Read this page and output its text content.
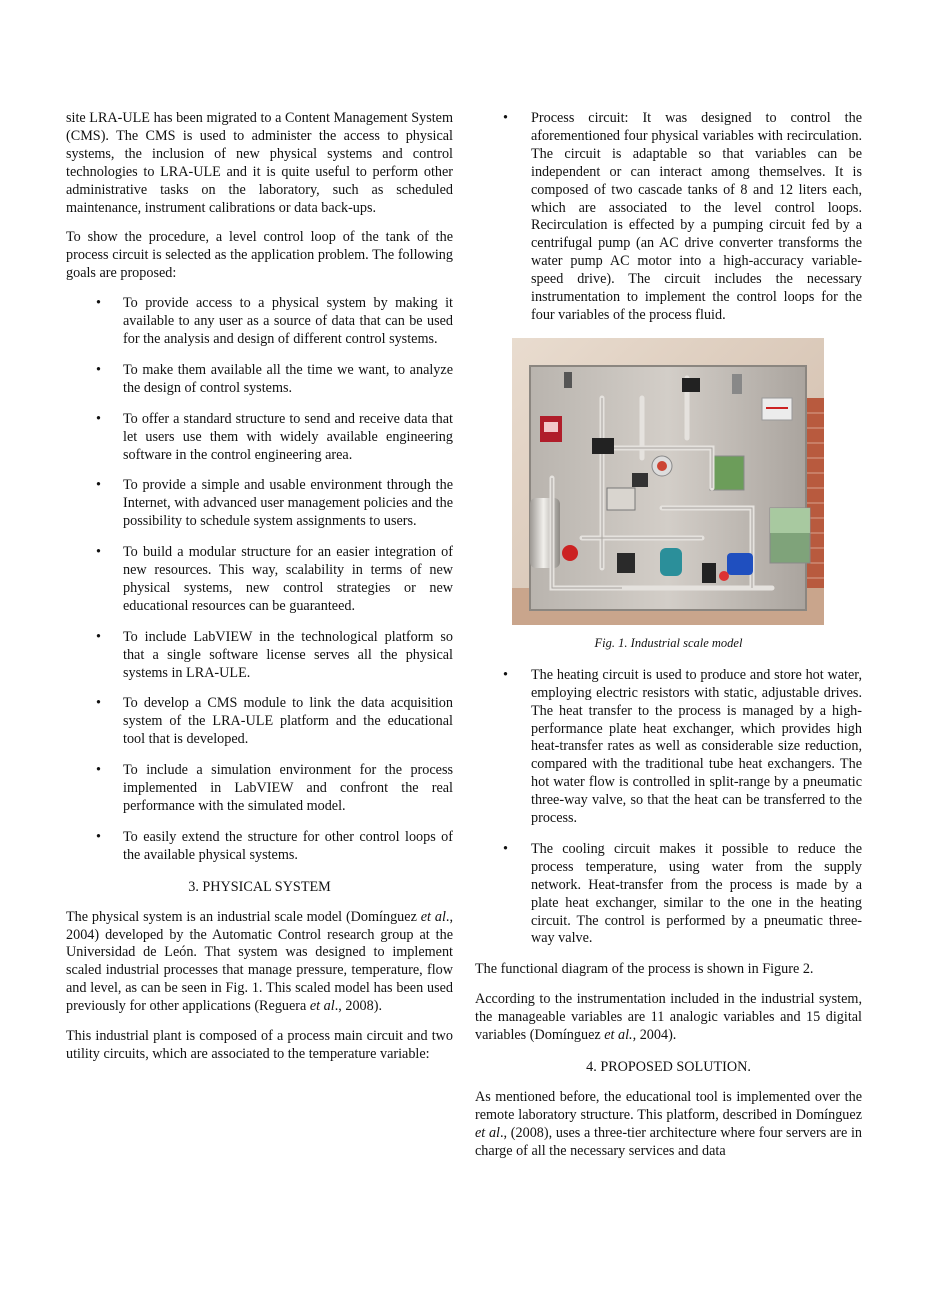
site LRA-ULE has been migrated to a Content Management System (CMS). The CMS is used to administer the access to physical systems, the inclusion of new physical systems and control technologies to LRA-ULE and it is quite useful to perform other administrative tasks on the laboratory, such as scheduled maintenance, instrument calibrations or data back-ups.

To show the procedure, a level control loop of the tank of the process circuit is selected as the application problem. The following goals are proposed:

• To provide access to a physical system by making it available to any user as a source of data that can be used for the analysis and design of different control systems.
• To make them available all the time we want, to analyze the design of control systems.
• To offer a standard structure to send and receive data that let users use them with widely available engineering software in the control engineering area.
• To provide a simple and usable environment through the Internet, with advanced user management policies and the possibility to schedule system assignments to users.
• To build a modular structure for an easier integration of new resources. This way, scalability in terms of new physical systems, new control strategies or new educational resources can be guaranteed.
• To include LabVIEW in the technological platform so that a single software license serves all the physical systems in LRA-ULE.
• To develop a CMS module to link the data acquisition system of the LRA-ULE platform and the educational tool that is developed.
• To include a simulation environment for the process implemented in LabVIEW and confront the real performance with the simulated model.
• To easily extend the structure for other control loops of the available physical systems.
3. PHYSICAL SYSTEM

The physical system is an industrial scale model (Domínguez et al., 2004) developed by the Automatic Control research group at the Universidad de León. That system was designed to implement scaled industrial processes that manage pressure, temperature, flow and level, as can be seen in Fig. 1. This scaled model has been used previously for other applications (Reguera et al., 2008).

This industrial plant is composed of a process main circuit and two utility circuits, which are associated to the temperature variable:

• Process circuit: It was designed to control the aforementioned four physical variables with recirculation. The circuit is adaptable so that variables can be independent or can interact among themselves. It is composed of two cascade tanks of 8 and 12 liters each, which are associated to the level control loops. Recirculation is effected by a pumping circuit fed by a centrifugal pump (an AC drive converter transforms the water pump AC motor into a high-accuracy variable-speed drive). The circuit includes the necessary instrumentation to implement the control loops for the four variables of the process fluid.
Fig. 1. Industrial scale model
• The heating circuit is used to produce and store hot water, employing electric resistors with static, adjustable drives. The heat transfer to the process is managed by a high-performance plate heat exchanger, which provides high heat-transfer rates as well as considerable size reduction, compared with the traditional tube heat exchangers. The hot water flow is controlled in split-range by a pneumatic three-way valve, so that the heat can be transferred to the process.
• The cooling circuit makes it possible to reduce the process temperature, using water from the supply network. Heat-transfer from the process is made by a plate heat exchanger, similar to the one in the heating circuit. The control is performed by a pneumatic three-way valve.

The functional diagram of the process is shown in Figure 2.

According to the instrumentation included in the industrial system, the manageable variables are 11 analogic variables and 15 digital variables (Domínguez et al., 2004).

4. PROPOSED SOLUTION.

As mentioned before, the educational tool is implemented over the remote laboratory structure. This platform, described in Domínguez et al., (2008), uses a three-tier architecture where four servers are in charge of all the necessary services and data
